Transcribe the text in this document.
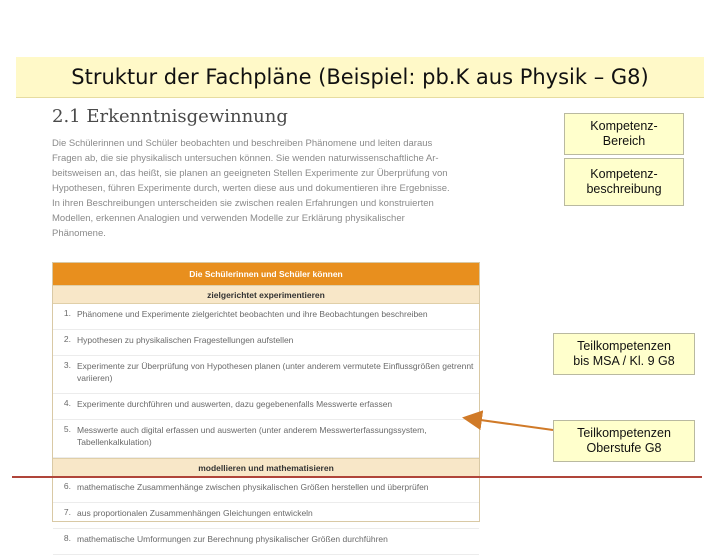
Struktur der Fachpläne (Beispiel: pb.K aus Physik – G8)
2.1 Erkenntnisgewinnung
Die Schülerinnen und Schüler beobachten und beschreiben Phänomene und leiten daraus
Fragen ab, die sie physikalisch untersuchen können. Sie wenden naturwissenschaftliche Ar-
beitsweisen an, das heißt, sie planen an geeigneten Stellen Experimente zur Überprüfung von
Hypothesen, führen Experimente durch, werten diese aus und dokumentieren ihre Ergebnisse.
In ihren Beschreibungen unterscheiden sie zwischen realen Erfahrungen und konstruierten
Modellen, erkennen Analogien und verwenden Modelle zur Erklärung physikalischer
Phänomene.
Die Schülerinnen und Schüler können
zielgerichtet experimentieren
1. Phänomene und Experimente zielgerichtet beobachten und ihre Beobachtungen beschreiben
2. Hypothesen zu physikalischen Fragestellungen aufstellen
3. Experimente zur Überprüfung von Hypothesen planen (unter anderem vermutete Einflussgrößen getrennt variieren)
4. Experimente durchführen und auswerten, dazu gegebenenfalls Messwerte erfassen
5. Messwerte auch digital erfassen und auswerten (unter anderem Messwerterfassungssystem, Tabellenkalkulation)
modellieren und mathematisieren
6. mathematische Zusammenhänge zwischen physikalischen Größen herstellen und überprüfen
7. aus proportionalen Zusammenhängen Gleichungen entwickeln
8. mathematische Umformungen zur Berechnung physikalischer Größen durchführen
Kompetenz-
Bereich
Kompetenz-
beschreibung
Teilkompetenzen
bis MSA / Kl. 9 G8
Teilkompetenzen
Oberstufe G8
